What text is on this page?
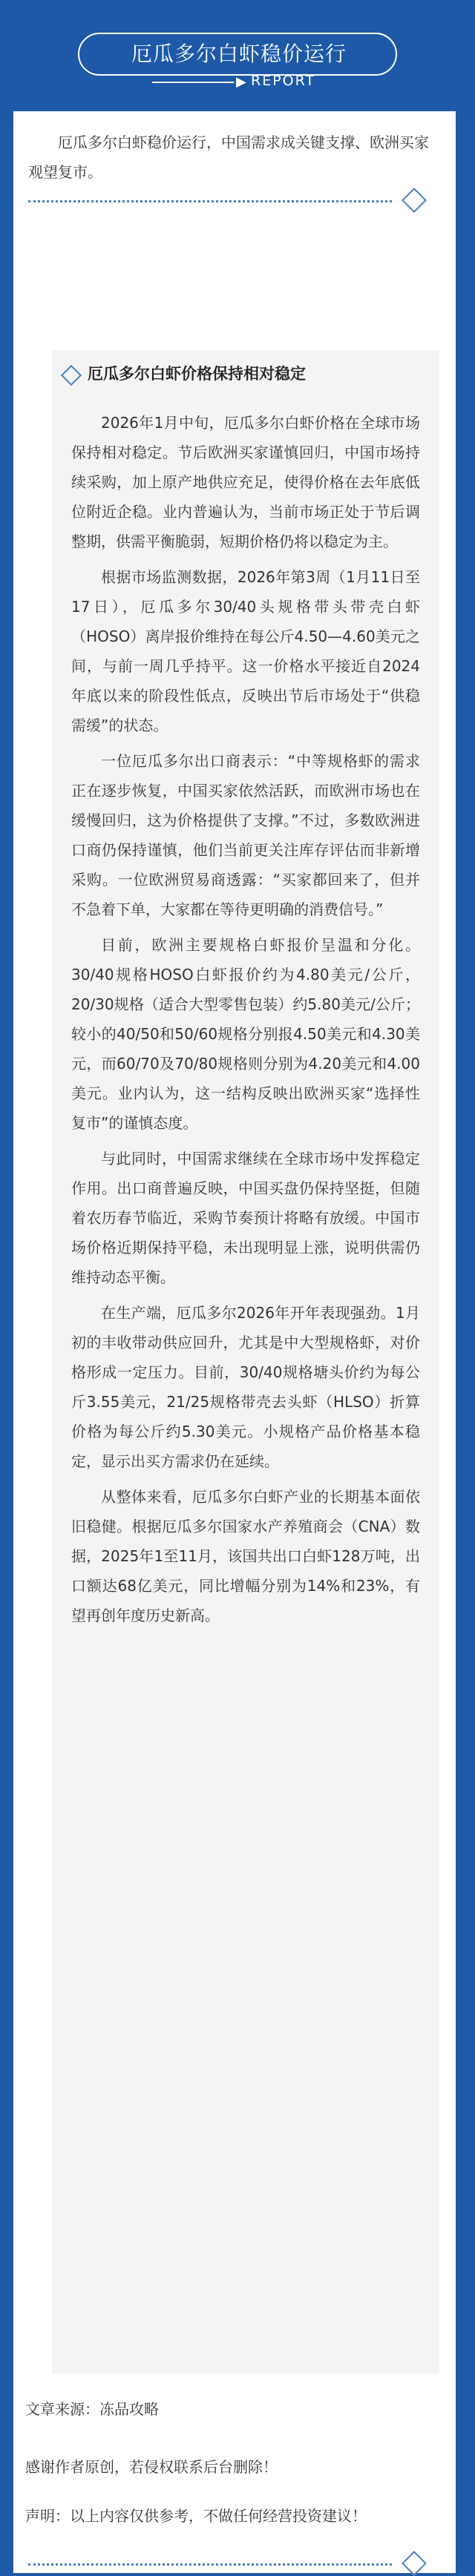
厄瓜多尔白虾稳价运行
▶ REPORT
厄瓜多尔白虾稳价运行，中国需求成关键支撑、欧洲买家观望复市。
厄瓜多尔白虾价格保持相对稳定

2026年1月中旬，厄瓜多尔白虾价格在全球市场保持相对稳定。节后欧洲买家谨慎回归，中国市场持续采购，加上原产地供应充足，使得价格在去年底低位附近企稳。业内普遍认为，当前市场正处于节后调整期，供需平衡脆弱，短期价格仍将以稳定为主。

根据市场监测数据，2026年第3周（1月11日至17日），厄瓜多尔30/40头规格带头带壳白虾（HOSO）离岸报价维持在每公斤4.50—4.60美元之间，与前一周几乎持平。这一价格水平接近自2024年底以来的阶段性低点，反映出节后市场处于“供稳需缓”的状态。

一位厄瓜多尔出口商表示：“中等规格虾的需求正在逐步恢复，中国买家依然活跃，而欧洲市场也在缓慢回归，这为价格提供了支撑。”不过，多数欧洲进口商仍保持谨慎，他们当前更关注库存评估而非新增采购。一位欧洲贸易商透露：“买家都回来了，但并不急着下单，大家都在等待更明确的消费信号。”

目前，欧洲主要规格白虾报价呈温和分化。30/40规格HOSO白虾报价约为4.80美元/公斤，20/30规格（适合大型零售包装）约5.80美元/公斤；较小的40/50和50/60规格分别报4.50美元和4.30美元，而60/70及70/80规格则分别为4.20美元和4.00美元。业内认为，这一结构反映出欧洲买家“选择性复市”的谨慎态度。

与此同时，中国需求继续在全球市场中发挥稳定作用。出口商普遍反映，中国买盘仍保持坚挺，但随着农历春节临近，采购节奏预计将略有放缓。中国市场价格近期保持平稳，未出现明显上涨，说明供需仍维持动态平衡。

在生产端，厄瓜多尔2026年开年表现强劲。1月初的丰收带动供应回升，尤其是中大型规格虾，对价格形成一定压力。目前，30/40规格塘头价约为每公斤3.55美元，21/25规格带壳去头虾（HLSO）折算价格为每公斤约5.30美元。小规格产品价格基本稳定，显示出买方需求仍在延续。

从整体来看，厄瓜多尔白虾产业的长期基本面依旧稳健。根据厄瓜多尔国家水产养殖商会（CNA）数据，2025年1至11月，该国共出口白虾128万吨，出口额达68亿美元，同比增幅分别为14%和23%，有望再创年度历史新高。

文章来源：冻品攻略
感谢作者原创，若侵权联系后台删除！
声明：以上内容仅供参考，不做任何经营投资建议！
